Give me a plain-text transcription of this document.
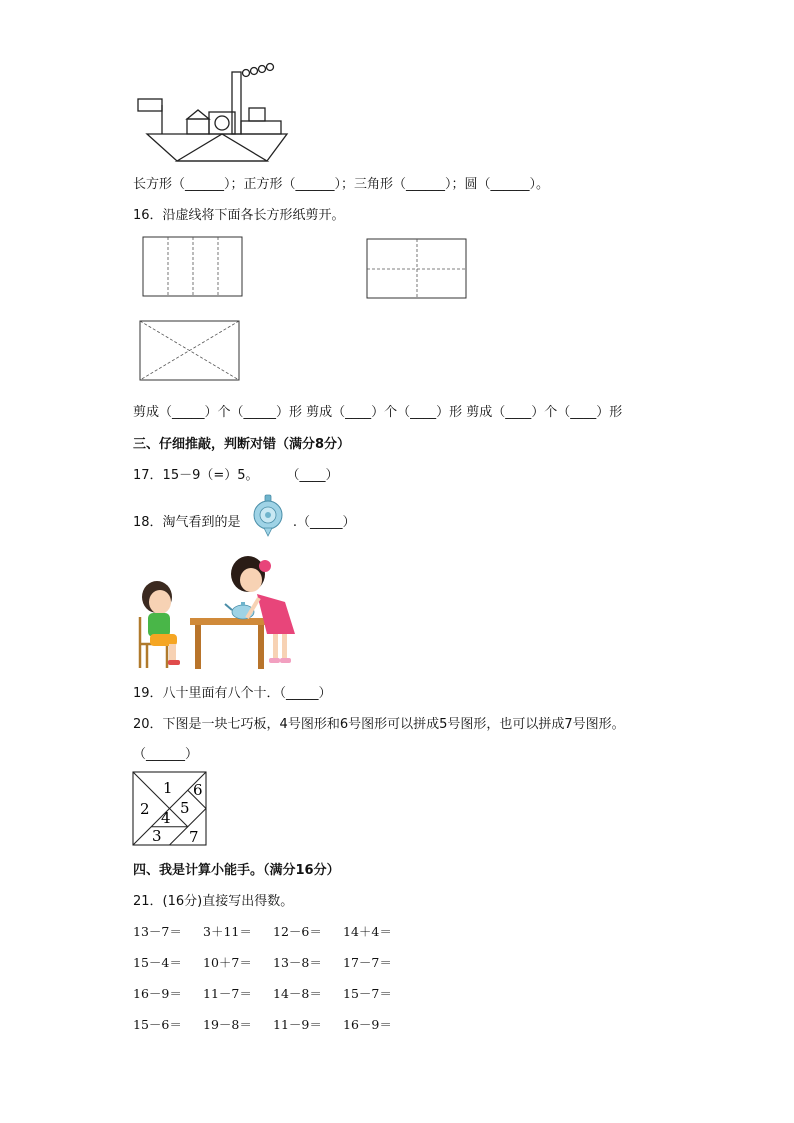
长方形（______）；正方形（______）；三角形（______）；圆（______）。
16．沿虚线将下面各长方形纸剪开。
剪成（_____）个（_____）形 剪成（____）个（____）形 剪成（____）个（____）形
三、仔细推敲，判断对错（满分8分）
17．15－9（=）5。 （____）
18．淘气看到的是	.（_____）
19．八十里面有八个十．（_____）
20．下图是一块七巧板，4号图形和6号图形可以拼成5号图形，也可以拼成7号图形。
（______）
1
2
3
4
5
6
7
四、我是计算小能手。（满分16分）
21．(16分)直接写出得数。
13－7＝ 3＋11＝ 12－6＝ 14＋4＝
15－4＝ 10＋7＝ 13－8＝ 17－7＝
16－9＝ 11－7＝ 14－8＝ 15－7＝
15－6＝ 19－8＝ 11－9＝ 16－9＝
